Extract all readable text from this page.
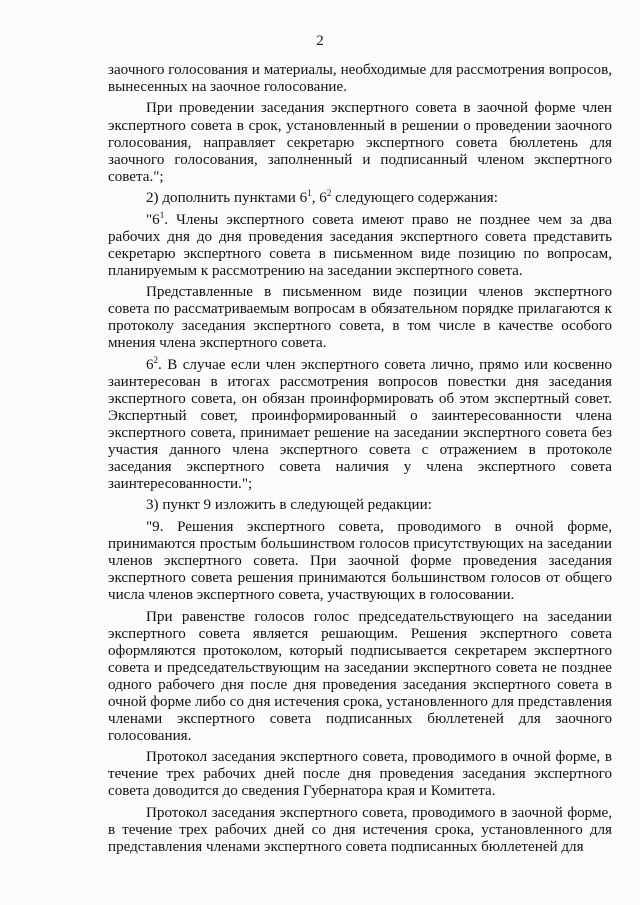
2

заочного голосования и материалы, необходимые для рассмотрения вопросов, вынесенных на заочное голосование.

При проведении заседания экспертного совета в заочной форме член экспертного совета в срок, установленный в решении о проведении заочного голосования, направляет секретарю экспертного совета бюллетень для заочного голосования, заполненный и подписанный членом экспертного совета.";

2) дополнить пунктами $6^1$, $6^2$ следующего содержания:

"$6^1$. Члены экспертного совета имеют право не позднее чем за два рабочих дня до дня проведения заседания экспертного совета представить секретарю экспертного совета в письменном виде позицию по вопросам, планируемым к рассмотрению на заседании экспертного совета.

Представленные в письменном виде позиции членов экспертного совета по рассматриваемым вопросам в обязательном порядке прилагаются к протоколу заседания экспертного совета, в том числе в качестве особого мнения члена экспертного совета.

$6^2$. В случае если член экспертного совета лично, прямо или косвенно заинтересован в итогах рассмотрения вопросов повестки дня заседания экспертного совета, он обязан проинформировать об этом экспертный совет. Экспертный совет, проинформированный о заинтересованности члена экспертного совета, принимает решение на заседании экспертного совета без участия данного члена экспертного совета с отражением в протоколе заседания экспертного совета наличия у члена экспертного совета заинтересованности.";

3) пункт 9 изложить в следующей редакции:

"9. Решения экспертного совета, проводимого в очной форме, принимаются простым большинством голосов присутствующих на заседании членов экспертного совета. При заочной форме проведения заседания экспертного совета решения принимаются большинством голосов от общего числа членов экспертного совета, участвующих в голосовании.

При равенстве голосов голос председательствующего на заседании экспертного совета является решающим. Решения экспертного совета оформляются протоколом, который подписывается секретарем экспертного совета и председательствующим на заседании экспертного совета не позднее одного рабочего дня после дня проведения заседания экспертного совета в очной форме либо со дня истечения срока, установленного для представления членами экспертного совета подписанных бюллетеней для заочного голосования.

Протокол заседания экспертного совета, проводимого в очной форме, в течение трех рабочих дней после дня проведения заседания экспертного совета доводится до сведения Губернатора края и Комитета.

Протокол заседания экспертного совета, проводимого в заочной форме, в течение трех рабочих дней со дня истечения срока, установленного для представления членами экспертного совета подписанных бюллетеней для
